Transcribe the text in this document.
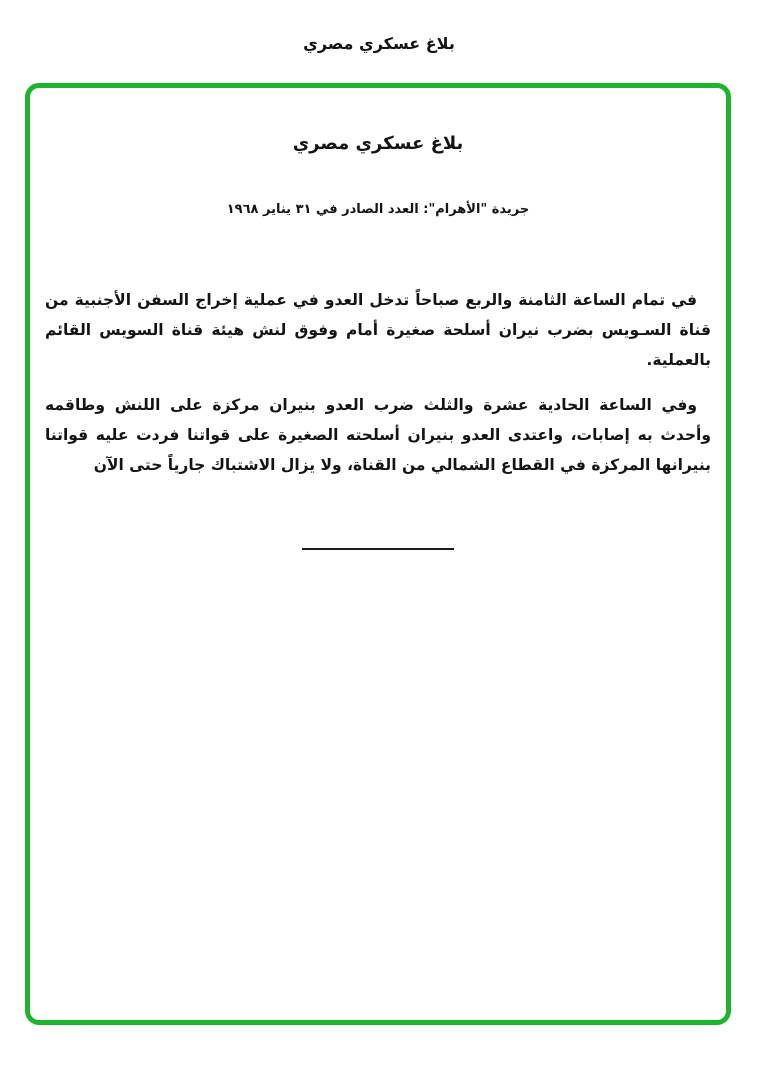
بلاغ عسكري مصري
بلاغ عسكري مصري
جريدة "الأهرام": العدد الصادر في ٣١ يناير ١٩٦٨

في تمام الساعة الثامنة والربع صباحاً تدخل العدو في عملية إخراج السفن الأجنبية من قناة السـويس بضرب نيران أسلحة صغيرة أمام وفوق لنش هيئة قناة السويس القائم بالعملية.

وفي الساعة الحادية عشرة والثلث ضرب العدو بنيران مركزة على اللنش وطاقمه وأحدث به إصابات، واعتدى العدو بنيران أسلحته الصغيرة على قواتنا فردت عليه قواتنا بنيرانها المركزة في القطاع الشمالي من القناة، ولا يزال الاشتباك جارياً حتى الآن
